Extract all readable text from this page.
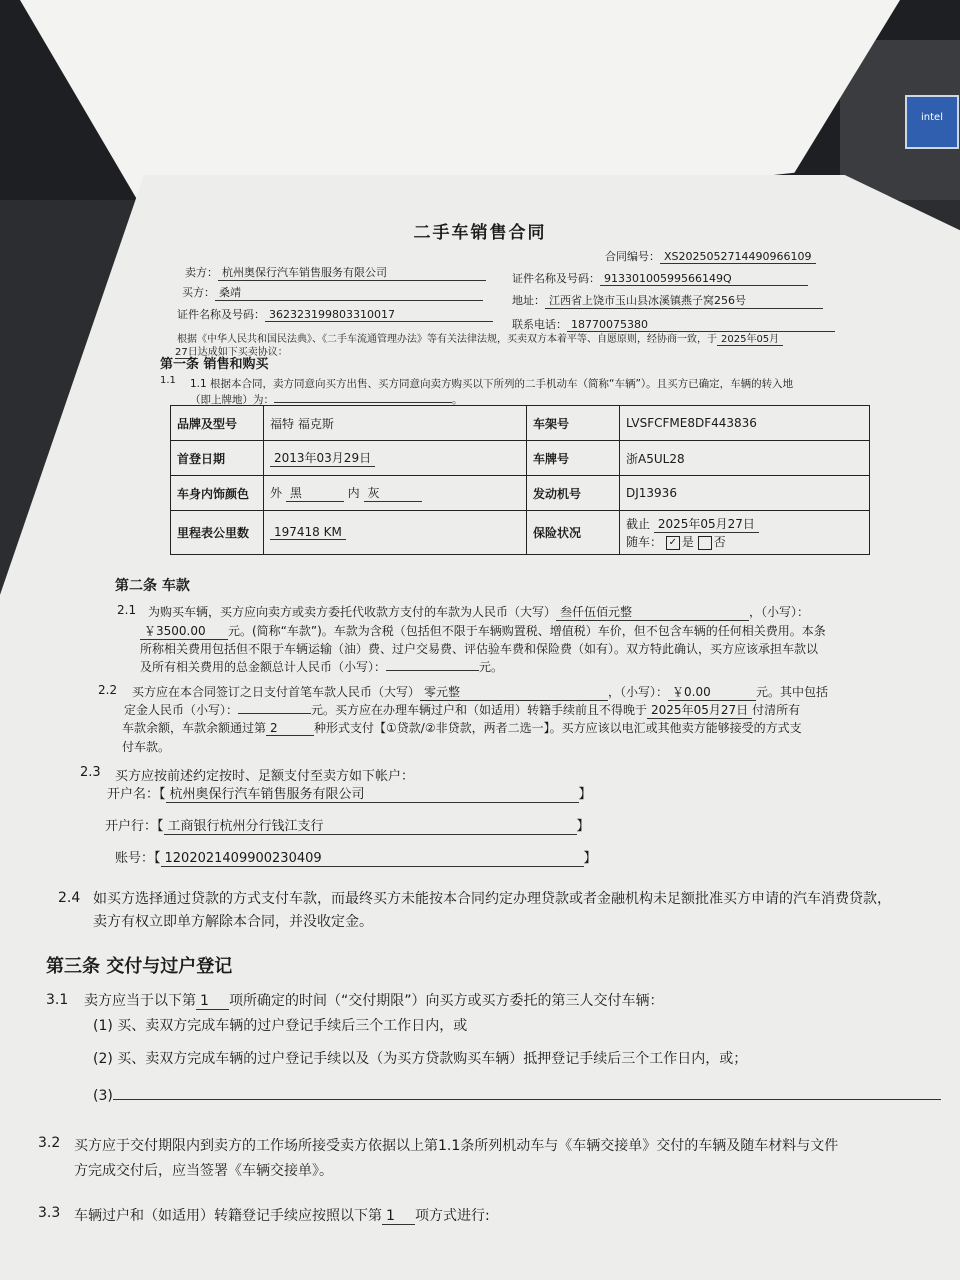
intel
二手车销售合同
合同编号： XS2025052714490966109
卖方： 杭州奥保行汽车销售服务有限公司	证件名称及号码： 91330100599566149Q
买方： 桑靖
地址： 江西省上饶市玉山县冰溪镇燕子窝256号
证件名称及号码： 362323199803310017
联系电话： 18770075380
根据《中华人民共和国民法典》、《二手车流通管理办法》等有关法律法规，买卖双方本着平等、自愿原则，经协商一致，于 2025年05月
27日达成如下买卖协议：
第一条 销售和购买
1.1 1.1 根据本合同，卖方同意向买方出售、买方同意向卖方购买以下所列的二手机动车（简称“车辆”）。且买方已确定，车辆的转入地
（即上牌地）为：	。
品牌及型号	福特 福克斯	车架号	LVSFCFME8DF443836
首登日期	2013年03月29日	车牌号	浙A5UL28
车身内饰颜色	外 黑 内 灰	发动机号	DJ13936
里程表公里数	197418 KM	保险状况	截止 2025年05月27日
随车： ✓ 是 否
第二条 车款
2.1 为购买车辆，买方应向卖方或卖方委托代收款方支付的车款为人民币（大写） 叁仟伍佰元整	，（小写）：
￥3500.00 元。(简称“车款”)。车款为含税（包括但不限于车辆购置税、增值税）车价，但不包含车辆的任何相关费用。本条
所称相关费用包括但不限于车辆运输（油）费、过户交易费、评估验车费和保险费（如有）。双方特此确认，买方应该承担车款以
及所有相关费用的总金额总计人民币（小写）：	元。
2.2 买方应在本合同签订之日支付首笔车款人民币（大写） 零元整	，（小写）： ￥0.00	元。其中包括
定金人民币（小写）：	元。买方应在办理车辆过户和（如适用）转籍手续前且不得晚于 2025年05月27日 付清所有
车款余额，车款余额通过第 2	种形式支付【①贷款/②非贷款，两者二选一】。买方应该以电汇或其他卖方能够接受的方式支
付车款。
2.3 买方应按前述约定按时、足额支付至卖方如下帐户：
开户名：【 杭州奥保行汽车销售服务有限公司	】
开户行：【 工商银行杭州分行钱江支行	】
账号：【 1202021409900230409	】
2.4 如买方选择通过贷款的方式支付车款，而最终买方未能按本合同约定办理贷款或者金融机构未足额批准买方申请的汽车消费贷款，
卖方有权立即单方解除本合同，并没收定金。
第三条 交付与过户登记
3.1 卖方应当于以下第 1 项所确定的时间（“交付期限”）向买方或买方委托的第三人交付车辆：
(1) 买、卖双方完成车辆的过户登记手续后三个工作日内，或
(2) 买、卖双方完成车辆的过户登记手续以及（为买方贷款购买车辆）抵押登记手续后三个工作日内，或；
(3)
3.2 买方应于交付期限内到卖方的工作场所接受卖方依据以上第1.1条所列机动车与《车辆交接单》交付的车辆及随车材料与文件
方完成交付后，应当签署《车辆交接单》。
3.3 车辆过户和（如适用）转籍登记手续应按照以下第 1 项方式进行:
